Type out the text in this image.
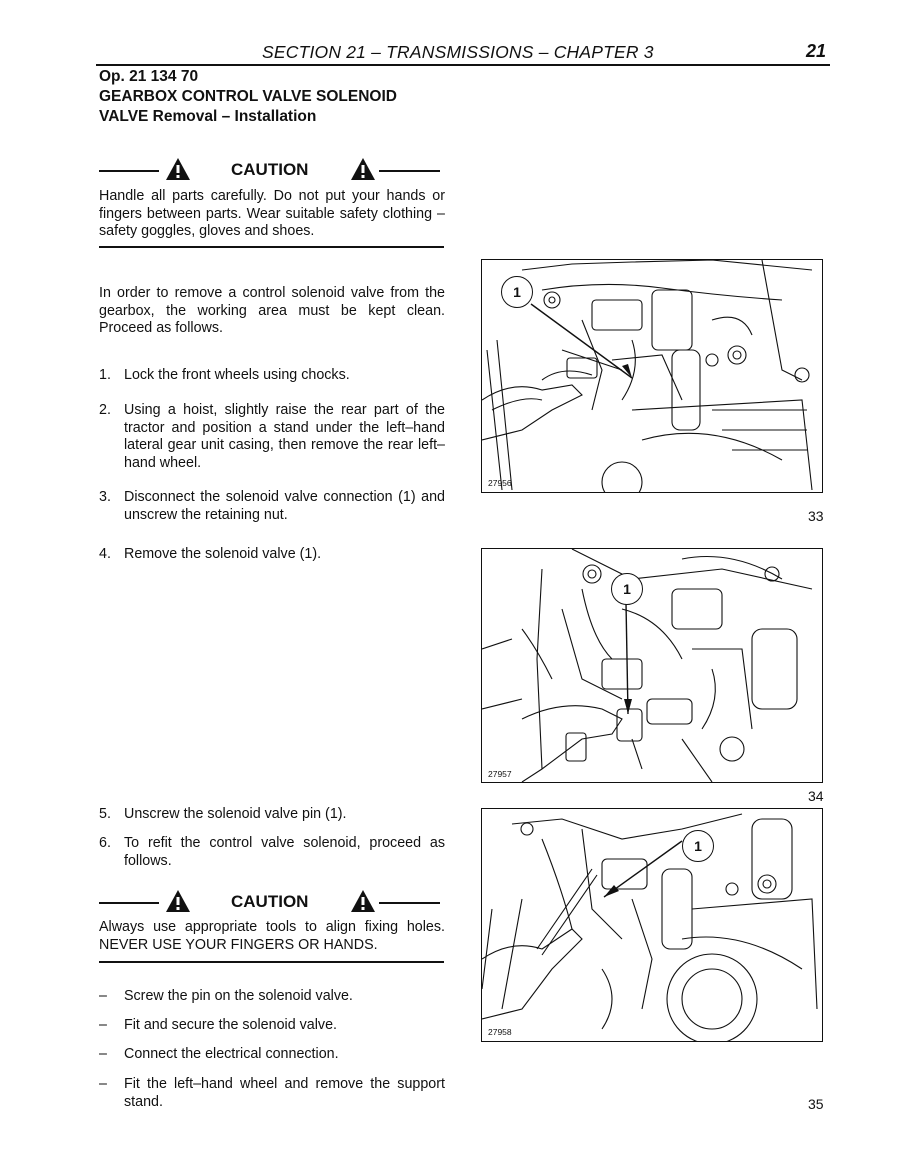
SECTION 21 – TRANSMISSIONS – CHAPTER 3	21
Op. 21 134 70
GEARBOX CONTROL VALVE SOLENOID
VALVE Removal – Installation
CAUTION
Handle all parts carefully. Do not put your hands or fingers between parts. Wear suitable safety clothing – safety goggles, gloves and shoes.
In order to remove a control solenoid valve from the gearbox, the working area must be kept clean. Proceed as follows.
1. Lock the front wheels using chocks.
2. Using a hoist, slightly raise the rear part of the tractor and position a stand under the left–hand lateral gear unit casing, then remove the rear left–hand wheel.
3. Disconnect the solenoid valve connection (1) and unscrew the retaining nut.
4. Remove the solenoid valve (1).
5. Unscrew the solenoid valve pin (1).
6. To refit the control valve solenoid, proceed as follows.
CAUTION
Always use appropriate tools to align fixing holes. NEVER USE YOUR FINGERS OR HANDS.
– Screw the pin on the solenoid valve.
– Fit and secure the solenoid valve.
– Connect the electrical connection.
– Fit the left–hand wheel and remove the support stand.
1
27956
33
1
27957
34
1
27958
35
